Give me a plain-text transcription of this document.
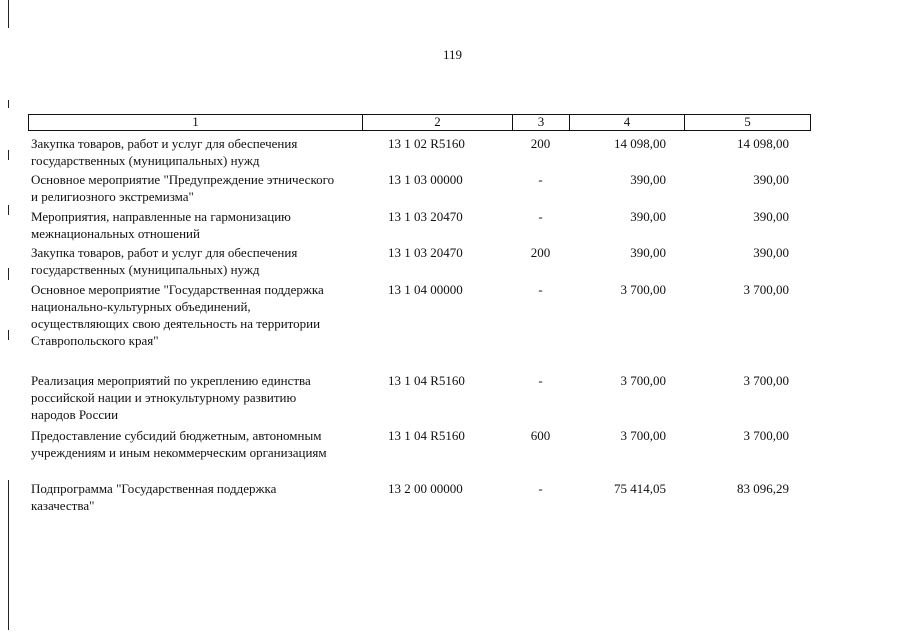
119
1	2	3	4	5
Закупка товаров, работ и услуг для обеспечения
государственных (муниципальных) нужд
13 1 02 R5160	200	14 098,00	14 098,00
Основное мероприятие "Предупреждение этнического
и религиозного экстремизма"
13 1 03 00000	-	390,00	390,00
Мероприятия, направленные на гармонизацию
межнациональных отношений
13 1 03 20470	-	390,00	390,00
Закупка товаров, работ и услуг для обеспечения
государственных (муниципальных) нужд
13 1 03 20470	200	390,00	390,00
Основное мероприятие "Государственная поддержка
национально-культурных объединений,
осуществляющих свою деятельность на территории
Ставропольского края"
13 1 04 00000	-	3 700,00	3 700,00
Реализация мероприятий по укреплению единства
российской нации и этнокультурному развитию
народов России
13 1 04 R5160	-	3 700,00	3 700,00
Предоставление субсидий бюджетным, автономным
учреждениям и иным некоммерческим организациям
13 1 04 R5160	600	3 700,00	3 700,00
Подпрограмма "Государственная поддержка
казачества"
13 2 00 00000	-	75 414,05	83 096,29
